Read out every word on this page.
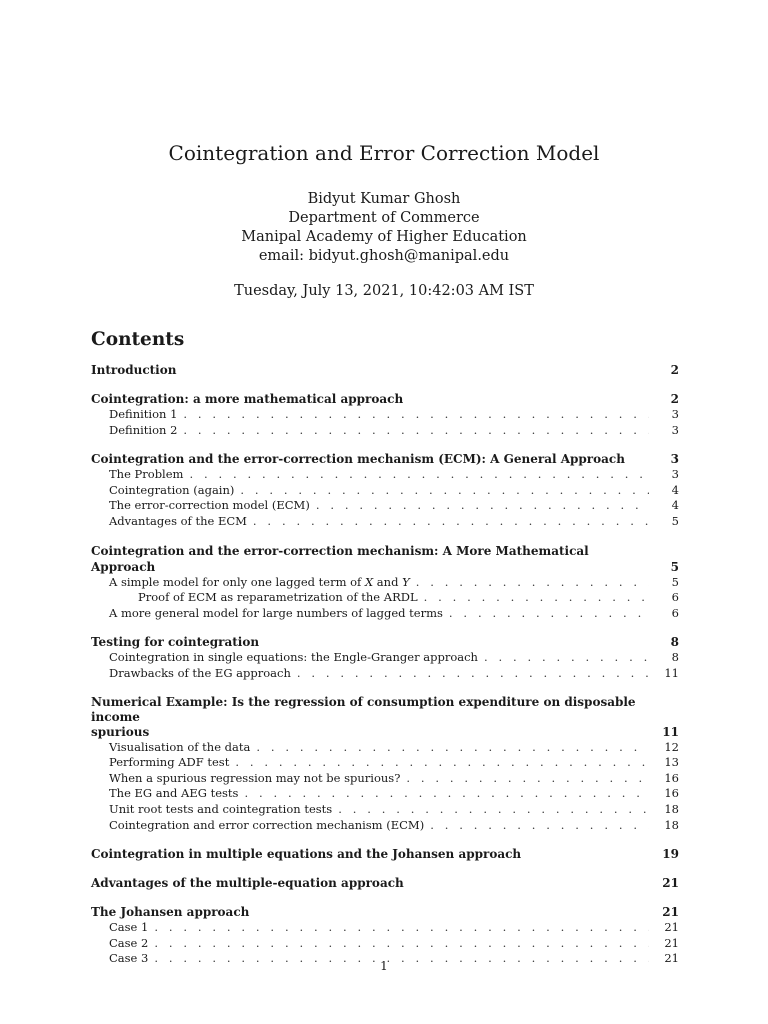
Cointegration and Error Correction Model
Bidyut Kumar Ghosh
Department of Commerce
Manipal Academy of Higher Education
email: bidyut.ghosh@manipal.edu
Tuesday, July 13, 2021, 10:42:03 AM IST
Contents
Introduction	2
Cointegration: a more mathematical approach	2
Definition 1 . . .	3
Definition 2 . . .	3
Cointegration and the error-correction mechanism (ECM): A General Approach	3
The Problem . . .	3
Cointegration (again) . . .	4
The error-correction model (ECM) . . .	4
Advantages of the ECM . . .	5
Cointegration and the error-correction mechanism: A More Mathematical Approach	5
A simple model for only one lagged term of X and Y . . .	5
Proof of ECM as reparametrization of the ARDL . . .	6
A more general model for large numbers of lagged terms . . .	6
Testing for cointegration	8
Cointegration in single equations: the Engle-Granger approach . . .	8
Drawbacks of the EG approach . . .	11
Numerical Example: Is the regression of consumption expenditure on disposable income
spurious	11
Visualisation of the data . . .	12
Performing ADF test . . .	13
When a spurious regression may not be spurious? . . .	16
The EG and AEG tests . . .	16
Unit root tests and cointegration tests . . .	18
Cointegration and error correction mechanism (ECM) . . .	18
Cointegration in multiple equations and the Johansen approach	19
Advantages of the multiple-equation approach	21
The Johansen approach	21
Case 1 . . .	21
Case 2 . . .	21
Case 3 . . .	21
1
